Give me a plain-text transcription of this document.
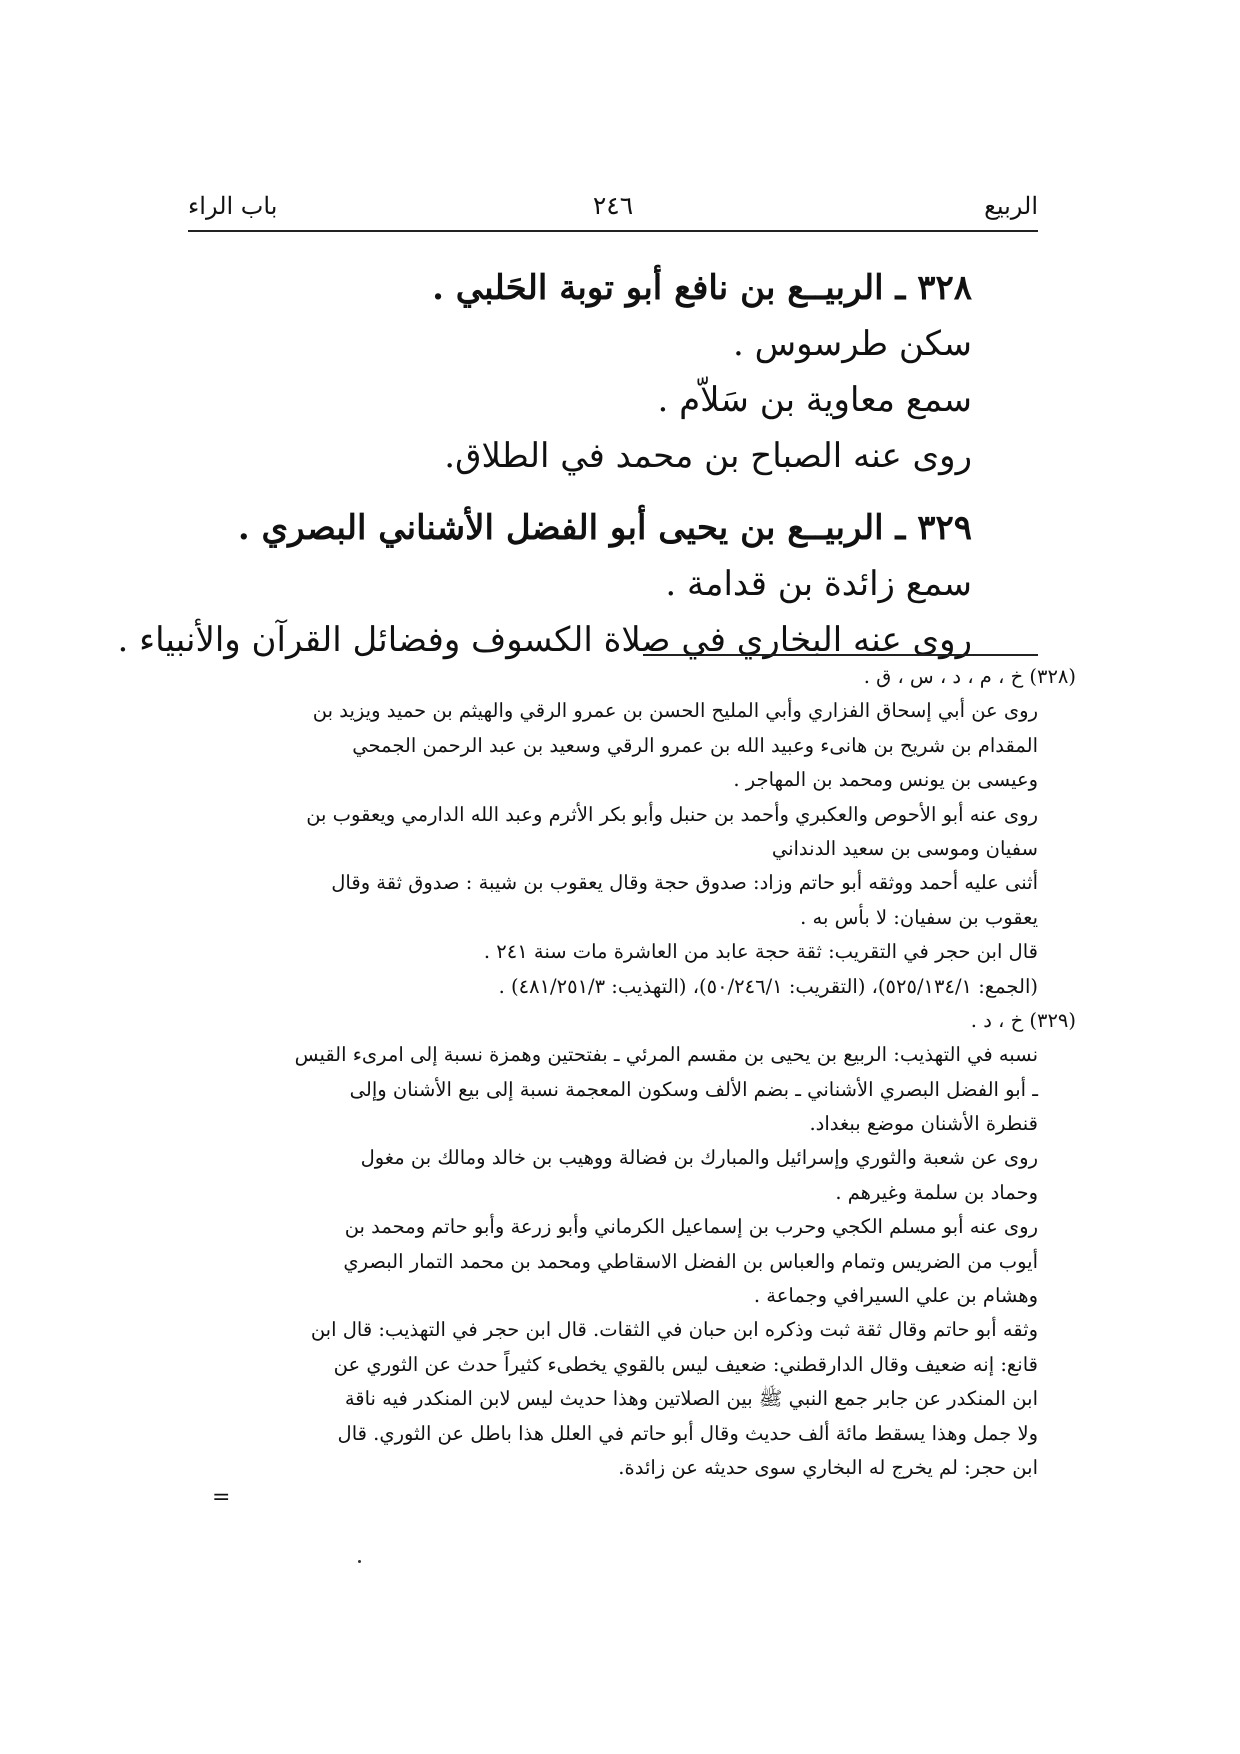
الربيع
٢٤٦
باب الراء

٣٢٨ ـ الربيــع بن نافع أبو توبة الحَلبي .

سكن طرسوس .

سمع معاوية بن سَلاّم .

روى عنه الصباح بن محمد في الطلاق.

٣٢٩ ـ الربيــع بن يحيى أبو الفضل الأشناني البصري .

سمع زائدة بن قدامة .

روى عنه البخاري في صلاة الكسوف وفضائل القرآن والأنبياء .

(٣٢٨) خ ، م ، د ، س ، ق .

روى عن أبي إسحاق الفزاري وأبي المليح الحسن بن عمرو الرقي والهيثم بن حميد ويزيد بن

المقدام بن شريح بن هانىء وعبيد الله بن عمرو الرقي وسعيد بن عبد الرحمن الجمحي

وعيسى بن يونس ومحمد بن المهاجر .

روى عنه أبو الأحوص والعكبري وأحمد بن حنبل وأبو بكر الأثرم وعبد الله الدارمي ويعقوب بن

سفيان وموسى بن سعيد الدنداني

أثنى عليه أحمد ووثقه أبو حاتم وزاد: صدوق حجة وقال يعقوب بن شيبة : صدوق ثقة وقال

يعقوب بن سفيان: لا بأس به .

قال ابن حجر في التقريب: ثقة حجة عابد من العاشرة مات سنة ٢٤١ .

(الجمع: ٥٢٥/١٣٤/١)، (التقريب: ٥٠/٢٤٦/١)، (التهذيب: ٤٨١/٢٥١/٣) .

(٣٢٩) خ ، د .

نسبه في التهذيب: الربيع بن يحيى بن مقسم المرئي ـ بفتحتين وهمزة نسبة إلى امرىء القيس

ـ أبو الفضل البصري الأشناني ـ بضم الألف وسكون المعجمة نسبة إلى بيع الأشنان وإلى

قنطرة الأشنان موضع ببغداد.

روى عن شعبة والثوري وإسرائيل والمبارك بن فضالة ووهيب بن خالد ومالك بن مغول

وحماد بن سلمة وغيرهم .

روى عنه أبو مسلم الكجي وحرب بن إسماعيل الكرماني وأبو زرعة وأبو حاتم ومحمد بن

أيوب من الضريس وتمام والعباس بن الفضل الاسقاطي ومحمد بن محمد التمار البصري

وهشام بن علي السيرافي وجماعة .

وثقه أبو حاتم وقال ثقة ثبت وذكره ابن حبان في الثقات. قال ابن حجر في التهذيب: قال ابن

قانع: إنه ضعيف وقال الدارقطني: ضعيف ليس بالقوي يخطىء كثيراً حدث عن الثوري عن

ابن المنكدر عن جابر جمع النبي ﷺ بين الصلاتين وهذا حديث ليس لابن المنكدر فيه ناقة

ولا جمل وهذا يسقط مائة ألف حديث وقال أبو حاتم في العلل هذا باطل عن الثوري. قال

ابن حجر: لم يخرج له البخاري سوى حديثه عن زائدة.

=
